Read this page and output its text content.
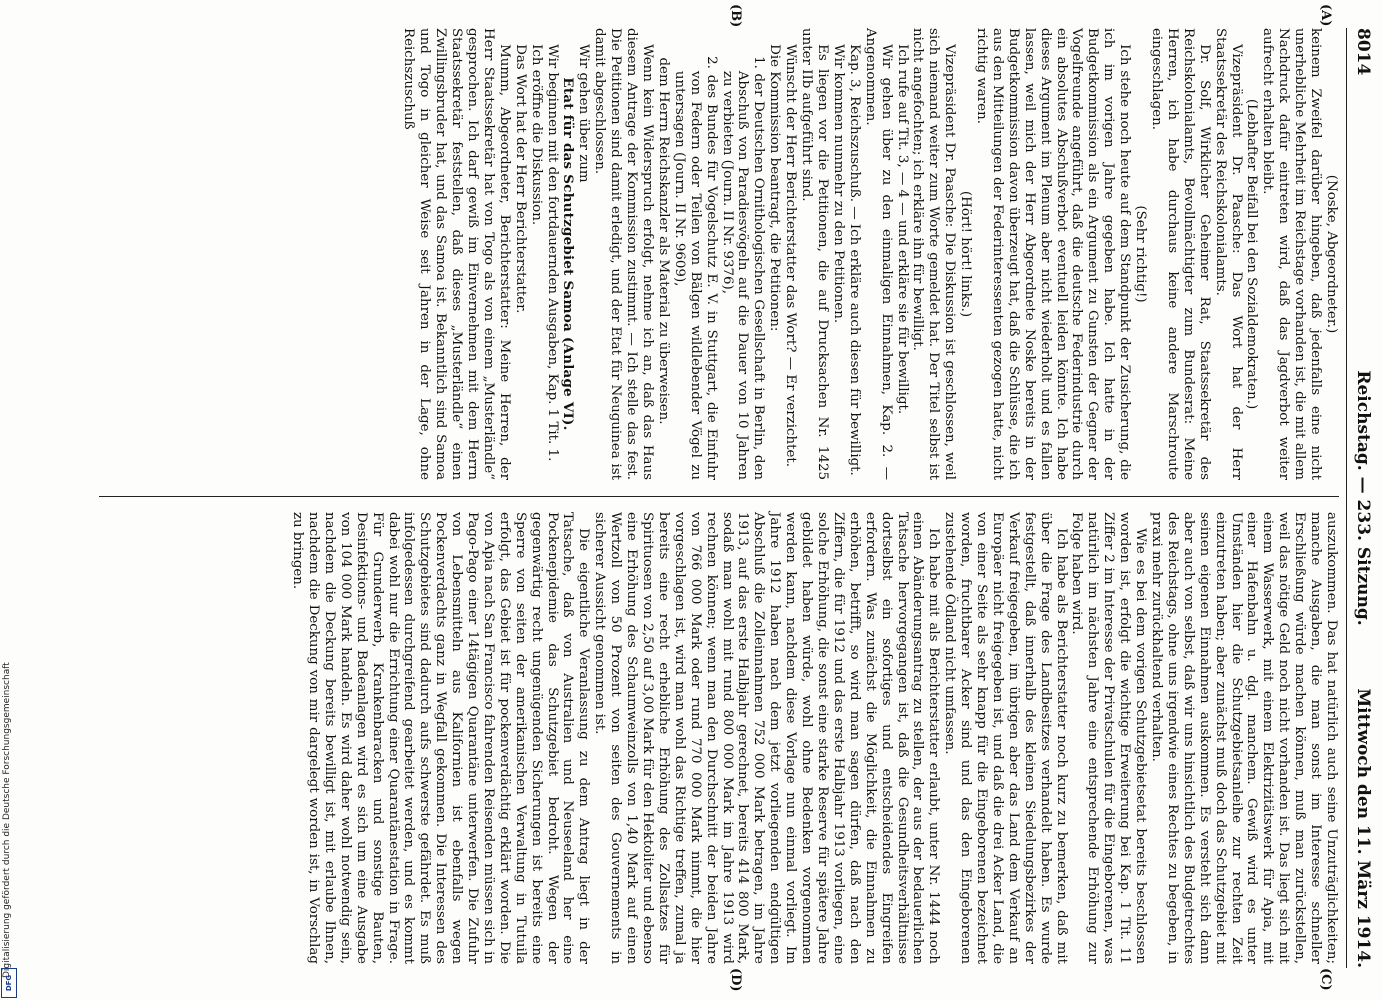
8014
Reichstag. — 233. Sitzung.
Mittwoch den 11. März 1914.
(A)
(B)
(C)
(D)

(Noske, Abgeordneter.)

keinem Zweifel darüber hingeben, daß jedenfalls eine nicht unerhebliche Mehrheit im Reichstage vorhanden ist, die mit allem Nachdruck dafür eintreten wird, daß das Jagdverbot weiter aufrecht erhalten bleibt.

(Lebhafter Beifall bei den Sozialdemokraten.)

Vizepräsident Dr. Paasche: Das Wort hat der Herr Staatssekretär des Reichskolonialamts.

Dr. Solf, Wirklicher Geheimer Rat, Staatssekretär des Reichskolonialamts, Bevollmächtigter zum Bundesrat: Meine Herren, ich habe durchaus keine andere Marschroute eingeschlagen.

(Sehr richtig!)

Ich stehe noch heute auf dem Standpunkt der Zusicherung, die ich im vorigen Jahre gegeben habe. Ich hatte in der Budgetkommission als ein Argument zu Gunsten der Gegner der Vogelfreunde angeführt, daß die deutsche Federindustrie durch ein absolutes Abschußverbot eventuell leiden könnte. Ich habe dieses Argument im Plenum aber nicht wiederholt und es fallen lassen, weil mich der Herr Abgeordnete Noske bereits in der Budgetkommission davon überzeugt hat, daß die Schlüsse, die ich aus den Mitteilungen der Federinteressenten gezogen hatte, nicht richtig waren.

(Hört! hört! links.)

Vizepräsident Dr. Paasche: Die Diskussion ist geschlossen, weil sich niemand weiter zum Worte gemeldet hat. Der Titel selbst ist nicht angefochten; ich erkläre ihn für bewilligt.

Ich rufe auf Tit. 3, — 4 — und erkläre sie für bewilligt.

Wir gehen über zu den einmaligen Einnahmen, Kap. 2. — Angenommen.

Kap. 3, Reichszuschuß. — Ich erkläre auch diesen für bewilligt.

Wir kommen nunmehr zu den Petitionen.

Es liegen vor die Petitionen, die auf Drucksachen Nr. 1425 unter IIb aufgeführt sind.

Wünscht der Herr Berichterstatter das Wort? — Er verzichtet.

Die Kommission beantragt, die Petitionen:

1. der Deutschen Ornithologischen Gesellschaft in Berlin, den Abschuß von Paradiesvögeln auf die Dauer von 10 Jahren zu verbieten (Journ. II Nr. 9376),

2. des Bundes für Vogelschutz E. V. in Stuttgart, die Einfuhr von Federn oder Teilen von Bälgen wildlebender Vögel zu untersagen (Journ. II Nr. 9609),

dem Herrn Reichskanzler als Material zu überweisen.

Wenn kein Widerspruch erfolgt, nehme ich an, daß das Haus diesem Antrage der Kommission zustimmt. — Ich stelle das fest. Die Petitionen sind damit erledigt, und der Etat für Neuguinea ist damit abgeschlossen.

Wir gehen über zum

Etat für das Schutzgebiet Samoa (Anlage VI).

Wir beginnen mit den fortdauernden Ausgaben, Kap. 1 Tit. 1.

Ich eröffne die Diskussion.

Das Wort hat der Herr Berichterstatter.

Mumm, Abgeordneter, Berichterstatter: Meine Herren, der Herr Staatssekretär hat von Togo als von einem „Musterländle“ gesprochen. Ich darf gewiß im Einvernehmen mit dem Herrn Staatssekretär feststellen, daß dieses „Musterländle“ einen Zwillingsbruder hat, und das Samoa ist. Bekanntlich sind Samoa und Togo in gleicher Weise seit Jahren in der Lage, ohne Reichszuschuß

auszukommen. Das hat natürlich auch seine Unzuträglichkeiten; manche Ausgaben, die man sonst im Interesse schneller Erschließung würde machen können, muß man zurückstellen, weil das nötige Geld noch nicht vorhanden ist. Das liegt sich mit einem Wasserwerk, mit einem Elektrizitätswerk für Apia, mit einer Hafenbahn u. dgl. manchem. Gewiß wird es unter Umständen hier die Schutzgebietsanleihe zur rechten Zeit einzutreten haben; aber zunächst muß doch das Schutzgebiet mit seinen eigenen Einnahmen auskommen. Es versteht sich dann aber auch von selbst, daß wir uns hinsichtlich des Budgetrechtes des Reichstags, ohne uns irgendwie eines Rechtes zu begeben, in praxi mehr zurückhaltend verhalten.

Wie es bei dem vorigen Schutzgebietsetat bereits beschlossen worden ist, erfolgt die wichtige Erweiterung bei Kap. 1 Tit. 11 Ziffer 2 im Interesse der Privatschulen für die Eingeborenen, was natürlich im nächsten Jahre eine entsprechende Erhöhung zur Folge haben wird.

Ich habe als Berichterstatter noch kurz zu bemerken, daß mit über die Frage des Landbesitzes verhandelt haben. Es wurde festgestellt, daß innerhalb des kleinen Siedelungsbezirkes der Verkauf freigegeben, im übrigen aber das Land dem Verkauf an Europäer nicht freigegeben ist, und daß die drei Acker Land, die von einer Seite als sehr knapp für die Eingeborenen bezeichnet worden, fruchtbarer Acker sind und das den Eingeborenen zustehende Ödland nicht umfassen.

Ich habe mit als Berichterstatter erlaubt, unter Nr. 1444 noch einen Abänderungsantrag zu stellen, der aus der bedauerlichen Tatsache hervorgegangen ist, daß die Gesundheitsverhältnisse dortselbst ein sofortiges und entscheidendes Eingreifen erfordern. Was zunächst die Möglichkeit, die Einnahmen zu erhöhen, betrifft, so wird man sagen dürfen, daß nach den Ziffern, die für 1912 und das erste Halbjahr 1913 vorliegen, eine solche Erhöhung, die sonst eine starke Reserve für spätere Jahre gebildet haben würde, wohl ohne Bedenken vorgenommen werden kann, nachdem diese Vorlage nun einmal vorliegt. Im Jahre 1912 haben nach dem jetzt vorliegenden endgültigen Abschluß die Zolleinnahmen 752 000 Mark betragen, im Jahre 1913, auf das erste Halbjahr gerechnet, bereits 414 800 Mark, sodaß man wohl mit rund 800 000 Mark im Jahre 1913 wird rechnen können; wenn man den Durchschnitt der beiden Jahre von 766 000 Mark oder rund 770 000 Mark nimmt, die hier vorgeschlagen ist, wird man wohl das Richtige treffen, zumal ja bereits eine recht erhebliche Erhöhung des Zollsatzes für Spirituosen von 2,50 auf 3,00 Mark für den Hektoliter und ebenso eine Erhöhung des Schaumweinzolls von 1,40 Mark auf einen Wertzoll von 50 Prozent von seiten des Gouvernements in sicherer Aussicht genommen ist.

Die eigentliche Veranlassung zu dem Antrag liegt in der Tatsache, daß von Australien und Neuseeland her eine Pockenepidemie das Schutzgebiet bedroht. Wegen der gegenwärtig recht ungenügenden Sicherungen ist bereits eine Sperre von seiten der amerikanischen Verwaltung in Tutuila erfolgt, das Gebiet ist für pockenverdächtig erklärt worden. Die von Apia nach San Francisco fahrenden Reisenden müssen sich in Pago-Pago einer 14tägigen Quarantäne unterwerfen. Die Zufuhr von Lebensmitteln aus Kalifornien ist ebenfalls wegen Pockenverdachts ganz in Wegfall gekommen. Die Interessen des Schutzgebietes sind dadurch aufs schwerste gefährdet. Es muß infolgedessen durchgreifend gearbeitet werden, und es kommt dabei wohl nur die Errichtung einer Quarantänestation in Frage. Für Grunderwerb, Krankenbaracken und sonstige Bauten, Desinfektions- und Badeanlagen wird es sich um eine Ausgabe von 104 000 Mark handeln. Es wird daher wohl notwendig sein, nachdem die Deckung bereits bewilligt ist, mit erlaube Ihnen, nachdem die Deckung von mir dargelegt worden ist, in Vorschlag zu bringen.

Digitalisierung gefördert durch die Deutsche Forschungsgemeinschaft
DFG
